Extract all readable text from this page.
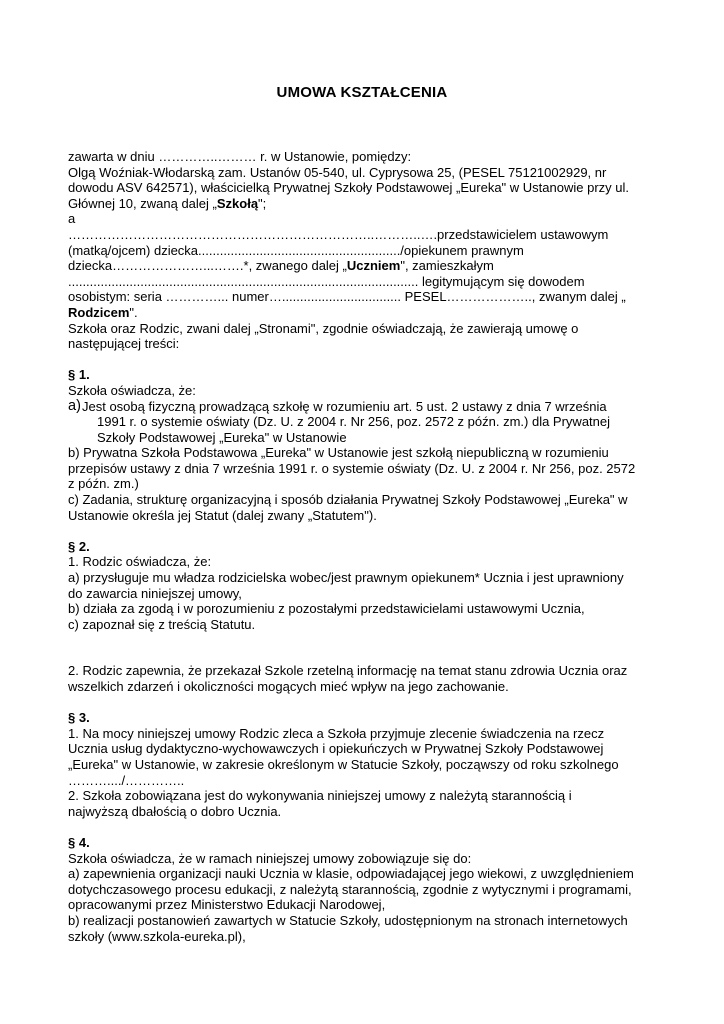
UMOWA KSZTAŁCENIA

zawarta w dniu …………..……… r. w Ustanowie, pomiędzy:

Olgą Woźniak-Włodarską zam. Ustanów 05-540, ul. Cyprysowa 25, (PESEL 75121002929, nr

dowodu ASV 642571), właścicielką Prywatnej Szkoły Podstawowej „Eureka" w Ustanowie przy ul.

Głównej 10, zwaną dalej „Szkołą";

a

……………………………………………………………..………..….przedstawicielem ustawowym

(matką/ojcem) dziecka......................................................../opiekunem prawnym

dziecka…………………...…….*, zwanego dalej „Uczniem", zamieszkałym

................................................................................................. legitymującym się dowodem

osobistym: seria …………... numer…................................. PESEL……………….., zwanym dalej „

Rodzicem".

Szkoła oraz Rodzic, zwani dalej „Stronami", zgodnie oświadczają, że zawierają umowę o

następującej treści:

§ 1.

Szkoła oświadcza, że:

a) Jest osobą fizyczną prowadzącą szkołę w rozumieniu art. 5 ust. 2 ustawy z dnia 7 września
1991 r. o systemie oświaty (Dz. U. z 2004 r. Nr 256, poz. 2572 z późn. zm.) dla Prywatnej
Szkoły Podstawowej „Eureka" w Ustanowie

b) Prywatna Szkoła Podstawowa „Eureka" w Ustanowie jest szkołą niepubliczną w rozumieniu

przepisów ustawy z dnia 7 września 1991 r. o systemie oświaty (Dz. U. z 2004 r. Nr 256, poz. 2572

z późn. zm.)

c) Zadania, strukturę organizacyjną i sposób działania Prywatnej Szkoły Podstawowej „Eureka" w

Ustanowie określa jej Statut (dalej zwany „Statutem").

§ 2.

1. Rodzic oświadcza, że:

a) przysługuje mu władza rodzicielska wobec/jest prawnym opiekunem* Ucznia i jest uprawniony

do zawarcia niniejszej umowy,

b) działa za zgodą i w porozumieniu z pozostałymi przedstawicielami ustawowymi Ucznia,

c) zapoznał się z treścią Statutu.

2. Rodzic zapewnia, że przekazał Szkole rzetelną informację na temat stanu zdrowia Ucznia oraz

wszelkich zdarzeń i okoliczności mogących mieć wpływ na jego zachowanie.

§ 3.

1. Na mocy niniejszej umowy Rodzic zleca a Szkoła przyjmuje zlecenie świadczenia na rzecz

Ucznia usług dydaktyczno-wychowawczych i opiekuńczych w Prywatnej Szkoły Podstawowej

„Eureka" w Ustanowie, w zakresie określonym w Statucie Szkoły, począwszy od roku szkolnego

………..../…………..

2. Szkoła zobowiązana jest do wykonywania niniejszej umowy z należytą starannością i

najwyższą dbałością o dobro Ucznia.

§ 4.

Szkoła oświadcza, że w ramach niniejszej umowy zobowiązuje się do:

a) zapewnienia organizacji nauki Ucznia w klasie, odpowiadającej jego wiekowi, z uwzględnieniem

dotychczasowego procesu edukacji, z należytą starannością, zgodnie z wytycznymi i programami,

opracowanymi przez Ministerstwo Edukacji Narodowej,

b) realizacji postanowień zawartych w Statucie Szkoły, udostępnionym na stronach internetowych

szkoły (www.szkola-eureka.pl),
